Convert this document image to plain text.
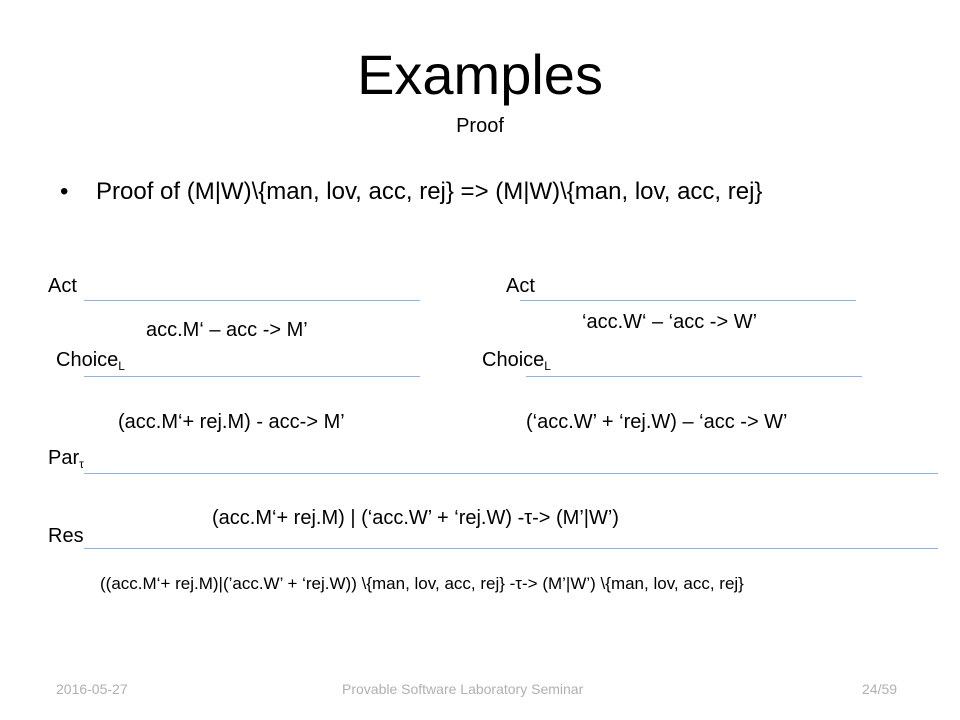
Examples
Proof
• Proof of (M|W)\{man, lov, acc, rej} => (M|W)\{man, lov, acc, rej}
Act
acc.M‘ – acc -> M’
Choice$_L$
(acc.M‘+ rej.M) - acc-> M’
Act
‘acc.W‘ – ‘acc -> W’
Choice$_L$
(‘acc.W’ + ‘rej.W) – ‘acc -> W’
Par$_\tau$
(acc.M‘+ rej.M) | (‘acc.W’ + ‘rej.W) -τ-> (M’|W’)
Res
((acc.M‘+ rej.M)|(’acc.W’ + ‘rej.W)) \{man, lov, acc, rej} -τ-> (M’|W’) \{man, lov, acc, rej}
2016-05-27	Provable Software Laboratory Seminar	24/59
